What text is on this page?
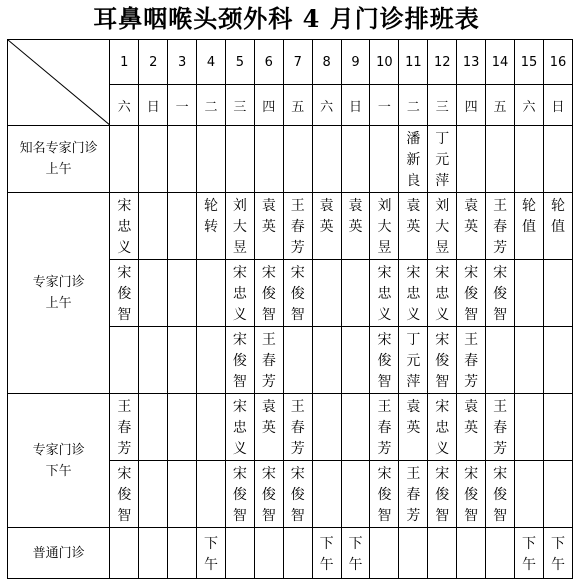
耳鼻咽喉头颈外科 4 月门诊排班表
	1	2	3	4	5	6	7	8	9	10	11	12	13	14	15	16
	六	日	一	二	三	四	五	六	日	一	二	三	四	五	六	日

知名专家门诊
上午											潘新良	丁元萍				

专家门诊
上午	宋忠义			轮转	刘大昱	袁英	王春芳	袁英	袁英	刘大昱	袁英	刘大昱	袁英	王春芳	轮值	轮值
	宋俊智				宋忠义	宋俊智	宋俊智			宋忠义	宋忠义	宋忠义	宋俊智	宋俊智		
					宋俊智	王春芳				宋俊智	丁元萍	宋俊智	王春芳			

专家门诊
下午	王春芳				宋忠义	袁英	王春芳			王春芳	袁英	宋忠义	袁英	王春芳		
	宋俊智				宋俊智	宋俊智	宋俊智			宋俊智	王春芳	宋俊智	宋俊智	宋俊智		
普通门诊				下午				下午	下午						下午	下午
